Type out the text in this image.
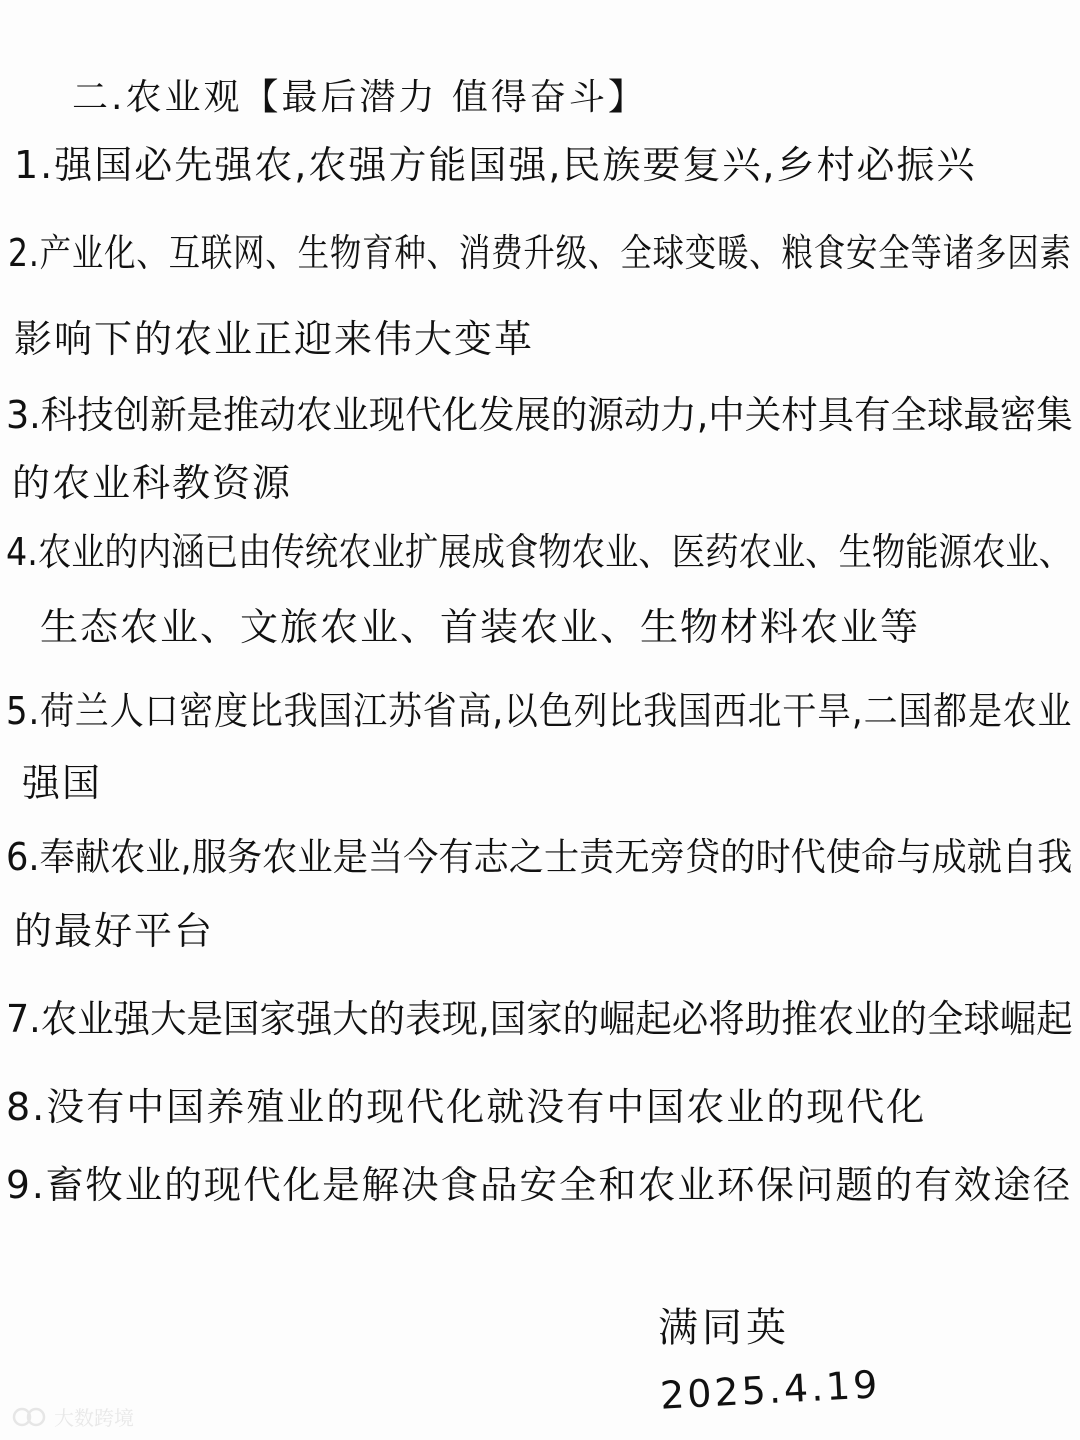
二.农业观【最后潜力 值得奋斗】
1.强国必先强农,农强方能国强,民族要复兴,乡村必振兴
2.产业化、互联网、生物育种、消费升级、全球变暖、粮食安全等诸多因素
影响下的农业正迎来伟大变革
3.科技创新是推动农业现代化发展的源动力,中关村具有全球最密集
的农业科教资源
4.农业的内涵已由传统农业扩展成食物农业、医药农业、生物能源农业、
生态农业、文旅农业、首装农业、生物材料农业等
5.荷兰人口密度比我国江苏省高,以色列比我国西北干旱,二国都是农业
强国
6.奉献农业,服务农业是当今有志之士责无旁贷的时代使命与成就自我
的最好平台
7.农业强大是国家强大的表现,国家的崛起必将助推农业的全球崛起
8.没有中国养殖业的现代化就没有中国农业的现代化
9.畜牧业的现代化是解决食品安全和农业环保问题的有效途径
满同英
2025.4.19
大数跨境
